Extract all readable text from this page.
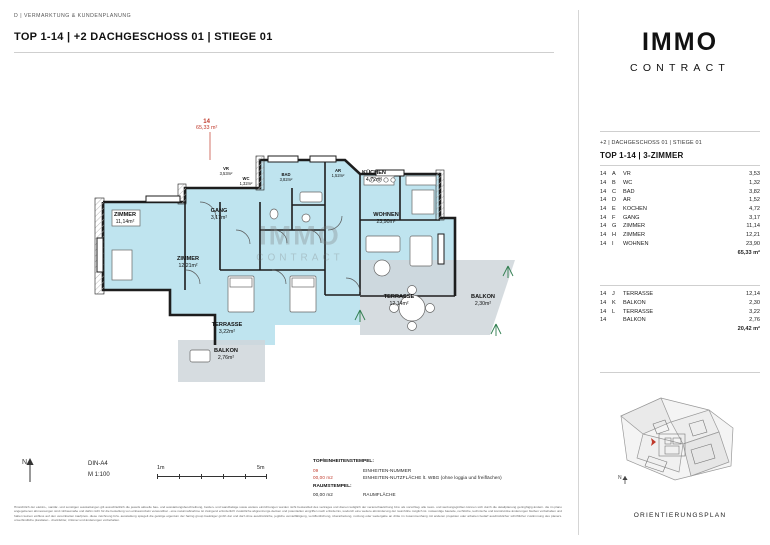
D | VERMARKTUNG & KUNDENPLANUNG
TOP 1-14 | +2 DACHGESCHOSS 01 | STIEGE 01	IMMO
CONTRACT
+2 | DACHGESCHOSS 01 | STIEGE 01
TOP 1-14 | 3-ZIMMER
14	A	VR	3,53
14	B	WC	1,32
14	C	BAD	3,82
14	D	AR	1,52
14	E	KOCHEN	4,72
14	F	GANG	3,17
14	G	ZIMMER	11,14
14	H	ZIMMER	12,21
14	I	WOHNEN	23,90
			65,33 m²
14	J	TERRASSE	12,14
14	K	BALKON	2,30
14	L	TERRASSE	3,22
14		BALKON	2,76
			20,42 m²
N
ORIENTIERUNGSPLAN
14
65,33 m²
IMMO
CONTRACT
ZIMMER
11,14m²
ZIMMER
12,21m²
GANG
3,17m²
VR
3,53m²
WC
1,32m²
BAD
3,82m²
AR
1,52m²	KÜCHEN
4,72m²
WOHNEN
23,90m²
TERRASSE
12,14m²
BALKON
2,30m²
TERRASSE
3,22m²
BALKON
2,76m²
N	DIN-A4
M 1:100
1m	5m
TOP/EINHEITENSTEMPEL:
09	EINHEITEN-NUMMER
00,00 m2	EINHEITEN-NUTZFLÄCHE lt. WBG (ohne loggia und freiflächen)
RAUMSTEMPEL:
00,00 m2	RAUMFLÄCHE
Hinsichtlich der elektro-, sanitär- und sonstigen ausstattungen gilt ausschließlich die jeweils aktuelle bau- und ausstattungsbeschreibung, beiden- und wandbeläge sowie weitere einrichtungen wurden nicht bestandteil des vertrages und dienen lediglich der veranschaulichung bzw. als vorschlag. alle raum- und werkungsgrößen können sich durch die detailplanung geringfügig ändern. die im plano angegebenen abmessungen sind rohbaumaße und dahin nicht für die bestellung von einbaumöbeln verwendbar - eine naturmaßnahme ist zwingend erforderlich! zusätzliche abgrenzungs-decken und potentiellen eingriffen nach erfordernis, wodurch eine weitere abminderung der raumhöhe möglich ist. notwendige bauteile, rechtliche, technische und konstruktive änderungen bleiben vorbehalten und haben keinen einfluss auf den vereinbarten kaufpreis. diese zeichnung bzw. ausstattung spiegelt die geistige eigentum der haring group bauträger gmbh dar und darf ohne ausdrückliche, jegliche vervielfältigung, veröffentlichung, überarbeitung, nutzung oder weitergabe an dritte im zusammenhang mit anderen projekten oder arbeiten bedarf ausdrücklicher schriftlicher zustimmung des planers. unverbindliche plandaten - druckfehler, irrtümer und änderungen vorbehalten.
